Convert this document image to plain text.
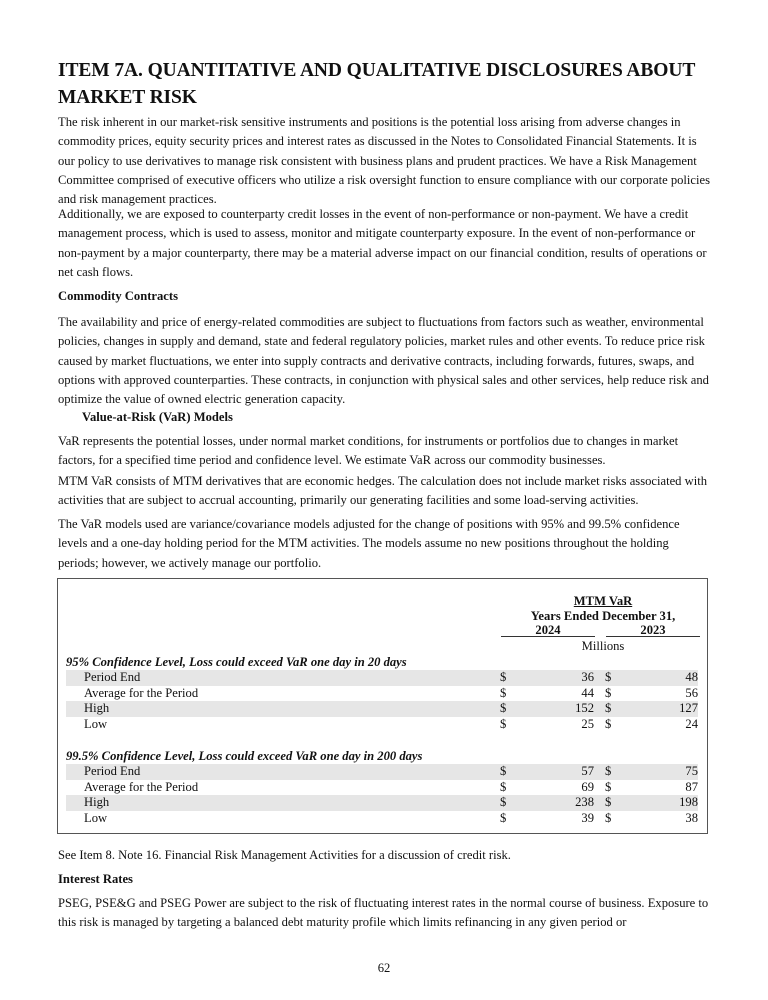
ITEM 7A. QUANTITATIVE AND QUALITATIVE DISCLOSURES ABOUT
MARKET RISK

The risk inherent in our market-risk sensitive instruments and positions is the potential loss arising from adverse changes in commodity prices, equity security prices and interest rates as discussed in the Notes to Consolidated Financial Statements. It is our policy to use derivatives to manage risk consistent with business plans and prudent practices. We have a Risk Management Committee comprised of executive officers who utilize a risk oversight function to ensure compliance with our corporate policies and risk management practices.

Additionally, we are exposed to counterparty credit losses in the event of non-performance or non-payment. We have a credit management process, which is used to assess, monitor and mitigate counterparty exposure. In the event of non-performance or non-payment by a major counterparty, there may be a material adverse impact on our financial condition, results of operations or net cash flows.

Commodity Contracts

The availability and price of energy-related commodities are subject to fluctuations from factors such as weather, environmental policies, changes in supply and demand, state and federal regulatory policies, market rules and other events. To reduce price risk caused by market fluctuations, we enter into supply contracts and derivative contracts, including forwards, futures, swaps, and options with approved counterparties. These contracts, in conjunction with physical sales and other services, help reduce risk and optimize the value of owned electric generation capacity.

Value-at-Risk (VaR) Models

VaR represents the potential losses, under normal market conditions, for instruments or portfolios due to changes in market factors, for a specified time period and confidence level. We estimate VaR across our commodity businesses.

MTM VaR consists of MTM derivatives that are economic hedges. The calculation does not include market risks associated with activities that are subject to accrual accounting, primarily our generating facilities and some load-serving activities.

The VaR models used are variance/covariance models adjusted for the change of positions with 95% and 99.5% confidence levels and a one-day holding period for the MTM activities. The models assume no new positions throughout the holding periods; however, we actively manage our portfolio.

MTM VaR
Years Ended December 31,
2024	2023
Millions
95% Confidence Level, Loss could exceed VaR one day in 20 days
Period End	$	36 $	48
Average for the Period	$	44 $	56
High	$	152 $	127
Low	$	25 $	24
99.5% Confidence Level, Loss could exceed VaR one day in 200 days
Period End	$	57 $	75
Average for the Period	$	69 $	87
High	$	238 $	198
Low	$	39 $	38

See Item 8. Note 16. Financial Risk Management Activities for a discussion of credit risk.

Interest Rates

PSEG, PSE&G and PSEG Power are subject to the risk of fluctuating interest rates in the normal course of business. Exposure to this risk is managed by targeting a balanced debt maturity profile which limits refinancing in any given period or

62
